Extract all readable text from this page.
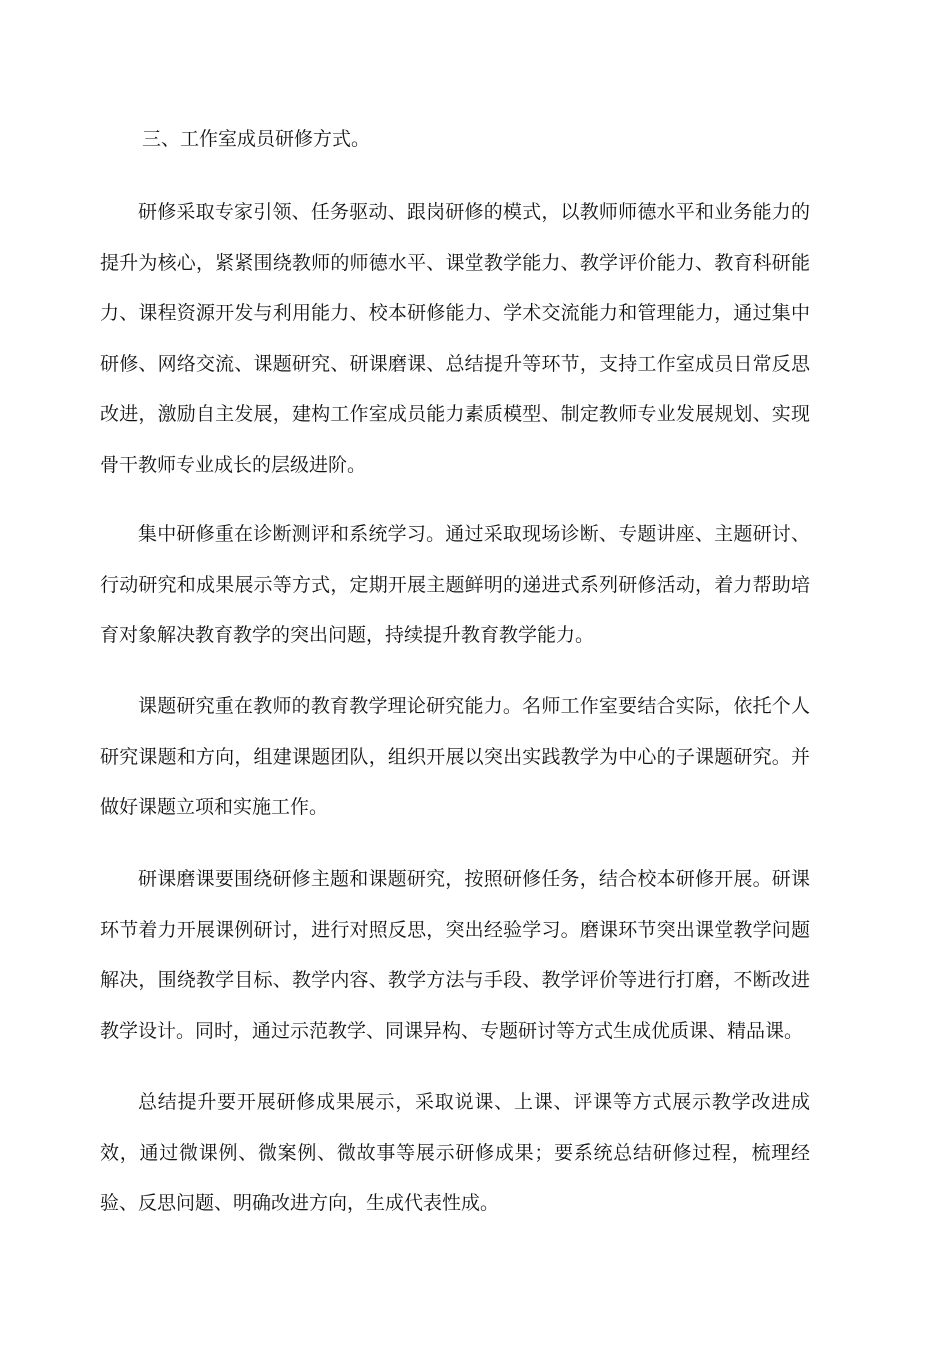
三、工作室成员研修方式。

研修采取专家引领、任务驱动、跟岗研修的模式，以教师师德水平和业务能力的提升为核心，紧紧围绕教师的师德水平、课堂教学能力、教学评价能力、教育科研能力、课程资源开发与利用能力、校本研修能力、学术交流能力和管理能力，通过集中研修、网络交流、课题研究、研课磨课、总结提升等环节，支持工作室成员日常反思改进，激励自主发展，建构工作室成员能力素质模型、制定教师专业发展规划、实现骨干教师专业成长的层级进阶。

集中研修重在诊断测评和系统学习。通过采取现场诊断、专题讲座、主题研讨、行动研究和成果展示等方式，定期开展主题鲜明的递进式系列研修活动，着力帮助培育对象解决教育教学的突出问题，持续提升教育教学能力。

课题研究重在教师的教育教学理论研究能力。名师工作室要结合实际，依托个人研究课题和方向，组建课题团队，组织开展以突出实践教学为中心的子课题研究。并做好课题立项和实施工作。

研课磨课要围绕研修主题和课题研究，按照研修任务，结合校本研修开展。研课环节着力开展课例研讨，进行对照反思，突出经验学习。磨课环节突出课堂教学问题解决，围绕教学目标、教学内容、教学方法与手段、教学评价等进行打磨，不断改进教学设计。同时，通过示范教学、同课异构、专题研讨等方式生成优质课、精品课。

总结提升要开展研修成果展示，采取说课、上课、评课等方式展示教学改进成效，通过微课例、微案例、微故事等展示研修成果；要系统总结研修过程，梳理经验、反思问题、明确改进方向，生成代表性成。
